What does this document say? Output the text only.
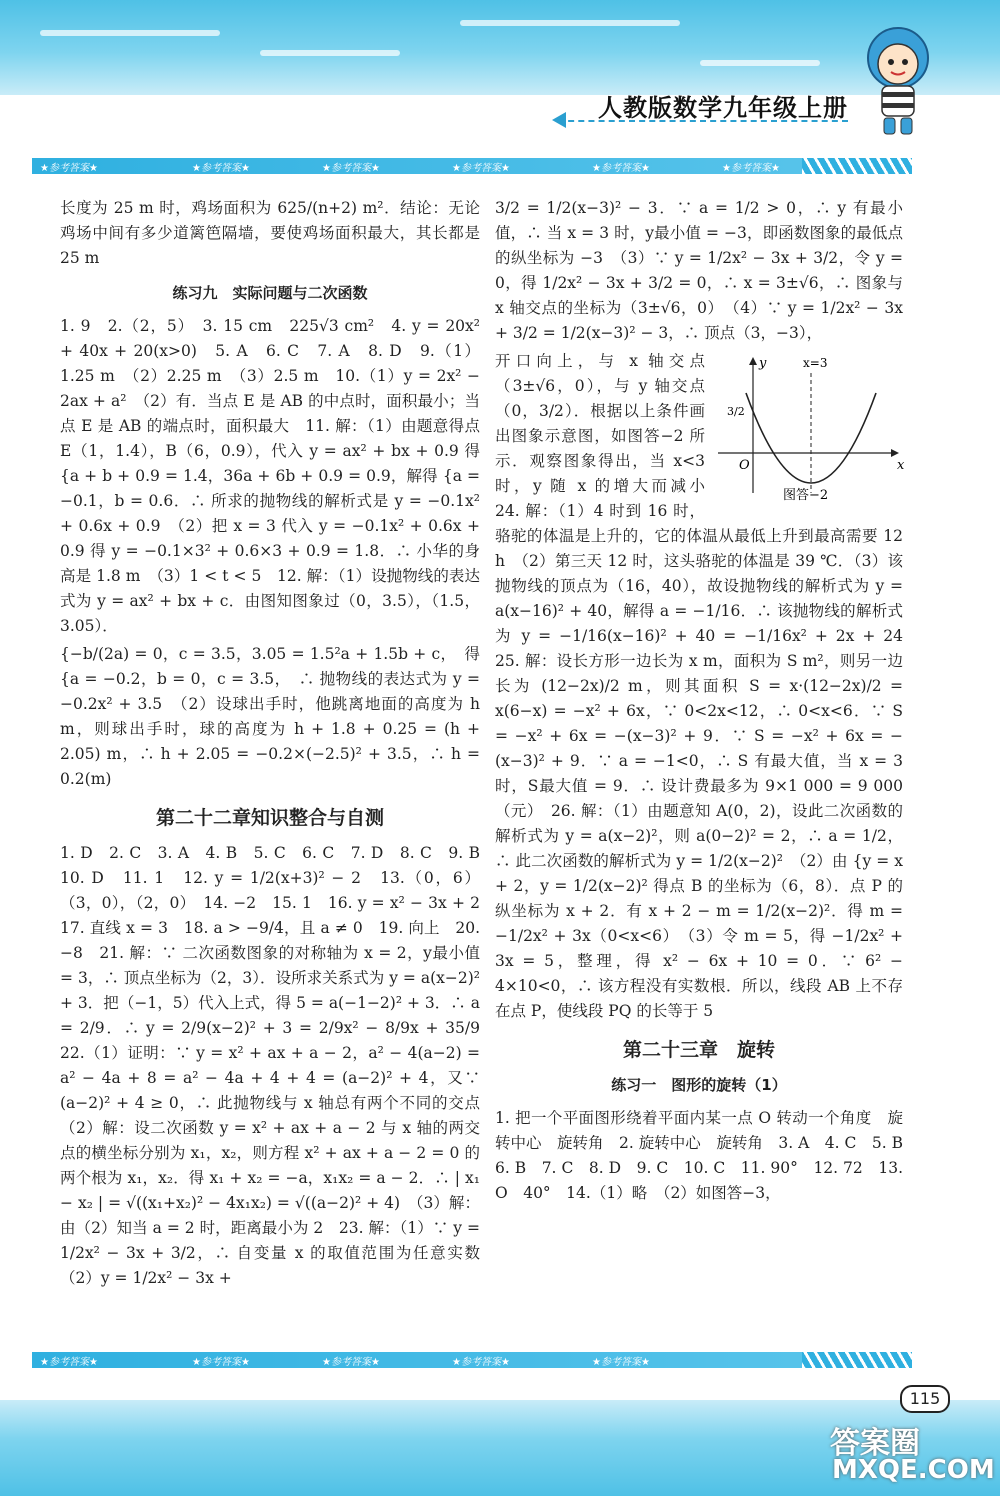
人教版数学九年级上册
★参考答案★	★参考答案★	★参考答案★	★参考答案★	★参考答案★	★参考答案★

长度为 25 m 时，鸡场面积为 625/(n+2) m²．结论：无论鸡场中间有多少道篱笆隔墙，要使鸡场面积最大，其长都是 25 m

练习九　实际问题与二次函数

1. 9　2.（2，5）　3. 15 cm　225√3 cm²　4. y = 20x² + 40x + 20(x>0)　5. A　6. C　7. A　8. D　9.（1）1.25 m　（2）2.25 m　（3）2.5 m　10.（1）y = 2x² − 2ax + a²　（2）有．当点 E 是 AB 的中点时，面积最小；当点 E 是 AB 的端点时，面积最大　11. 解：（1）由题意得点 E（1，1.4），B（6，0.9），代入 y = ax² + bx + 0.9 得 {a + b + 0.9 = 1.4，36a + 6b + 0.9 = 0.9，解得 {a = −0.1，b = 0.6．∴ 所求的抛物线的解析式是 y = −0.1x² + 0.6x + 0.9　（2）把 x = 3 代入 y = −0.1x² + 0.6x + 0.9 得 y = −0.1×3² + 0.6×3 + 0.9 = 1.8．∴ 小华的身高是 1.8 m　（3）1 < t < 5　12. 解：（1）设抛物线的表达式为 y = ax² + bx + c．由图知图象过（0，3.5），（1.5，3.05）．

{−b/(2a) = 0，c = 3.5，3.05 = 1.5²a + 1.5b + c，　得 {a = −0.2，b = 0，c = 3.5，　∴ 抛物线的表达式为 y = −0.2x² + 3.5　（2）设球出手时，他跳离地面的高度为 h m，则球出手时，球的高度为 h + 1.8 + 0.25 = (h + 2.05) m，∴ h + 2.05 = −0.2×(−2.5)² + 3.5，∴ h = 0.2(m)

第二十二章知识整合与自测

1. D　2. C　3. A　4. B　5. C　6. C　7. D　8. C　9. B　10. D　11. 1　12. y = 1/2(x+3)² − 2　13.（0，6）（3，0），（2，0）　14. −2　15. 1　16. y = x² − 3x + 2　17. 直线 x = 3　18. a > −9/4，且 a ≠ 0　19. 向上　20. −8　21. 解：∵ 二次函数图象的对称轴为 x = 2，y最小值 = 3，∴ 顶点坐标为（2，3）．设所求关系式为 y = a(x−2)² + 3．把（−1，5）代入上式，得 5 = a(−1−2)² + 3．∴ a = 2/9．∴ y = 2/9(x−2)² + 3 = 2/9x² − 8/9x + 35/9　22.（1）证明：∵ y = x² + ax + a − 2，a² − 4(a−2) = a² − 4a + 8 = a² − 4a + 4 + 4 = (a−2)² + 4，又∵ (a−2)² + 4 ≥ 0，∴ 此抛物线与 x 轴总有两个不同的交点　（2）解：设二次函数 y = x² + ax + a − 2 与 x 轴的两交点的横坐标分别为 x₁，x₂，则方程 x² + ax + a − 2 = 0 的两个根为 x₁，x₂．得 x₁ + x₂ = −a，x₁x₂ = a − 2．∴ | x₁ − x₂ | = √((x₁+x₂)² − 4x₁x₂) = √((a−2)² + 4)　（3）解：由（2）知当 a = 2 时，距离最小为 2　23. 解：（1）∵ y = 1/2x² − 3x + 3/2，∴ 自变量 x 的取值范围为任意实数　（2）y = 1/2x² − 3x +

3/2 = 1/2(x−3)² − 3．∵ a = 1/2 > 0，∴ y 有最小值，∴ 当 x = 3 时，y最小值 = −3，即函数图象的最低点的纵坐标为 −3　（3）∵ y = 1/2x² − 3x + 3/2，令 y = 0，得 1/2x² − 3x + 3/2 = 0，∴ x = 3±√6，∴ 图象与 x 轴交点的坐标为（3±√6，0）　（4）∵ y = 1/2x² − 3x + 3/2 = 1/2(x−3)² − 3，∴ 顶点（3，−3），

x
y
O
x=3
3/2
图答−2

开口向上，与 x 轴交点（3±√6，0），与 y 轴交点（0，3/2）．根据以上条件画出图象示意图，如图答−2 所示．观察图象得出，当 x<3 时，y 随 x 的增大而减小　24. 解：（1）4 时到 16 时，骆驼的体温是上升的，它的体温从最低上升到最高需要 12 h　（2）第三天 12 时，这头骆驼的体温是 39 ℃．（3）该抛物线的顶点为（16，40），故设抛物线的解析式为 y = a(x−16)² + 40，解得 a = −1/16．∴ 该抛物线的解析式为 y = −1/16(x−16)² + 40 = −1/16x² + 2x + 24　25. 解：设长方形一边长为 x m，面积为 S m²，则另一边长为 (12−2x)/2 m，则其面积 S = x·(12−2x)/2 = x(6−x) = −x² + 6x，∵ 0<2x<12，∴ 0<x<6．∵ S = −x² + 6x = −(x−3)² + 9．∵ S = −x² + 6x = −(x−3)² + 9．∵ a = −1<0，∴ S 有最大值，当 x = 3 时，S最大值 = 9．∴ 设计费最多为 9×1 000 = 9 000（元）　26. 解：（1）由题意知 A(0，2)，设此二次函数的解析式为 y = a(x−2)²，则 a(0−2)² = 2，∴ a = 1/2，∴ 此二次函数的解析式为 y = 1/2(x−2)²　（2）由 {y = x + 2，y = 1/2(x−2)² 得点 B 的坐标为（6，8）．点 P 的纵坐标为 x + 2．有 x + 2 − m = 1/2(x−2)²．得 m = −1/2x² + 3x（0<x<6）　（3）令 m = 5，得 −1/2x² + 3x = 5，整理，得 x² − 6x + 10 = 0．∵ 6² − 4×10<0，∴ 该方程没有实数根．所以，线段 AB 上不存在点 P，使线段 PQ 的长等于 5

第二十三章　旋转
练习一　图形的旋转（1）

1. 把一个平面图形绕着平面内某一点 O 转动一个角度　旋转中心　旋转角　2. 旋转中心　旋转角　3. A　4. C　5. B　6. B　7. C　8. D　9. C　10. C　11. 90°　12. 72　13. O　40°　14.（1）略　（2）如图答−3，

★参考答案★	★参考答案★	★参考答案★	★参考答案★	★参考答案★
115
答案圈
MXQE.COM
